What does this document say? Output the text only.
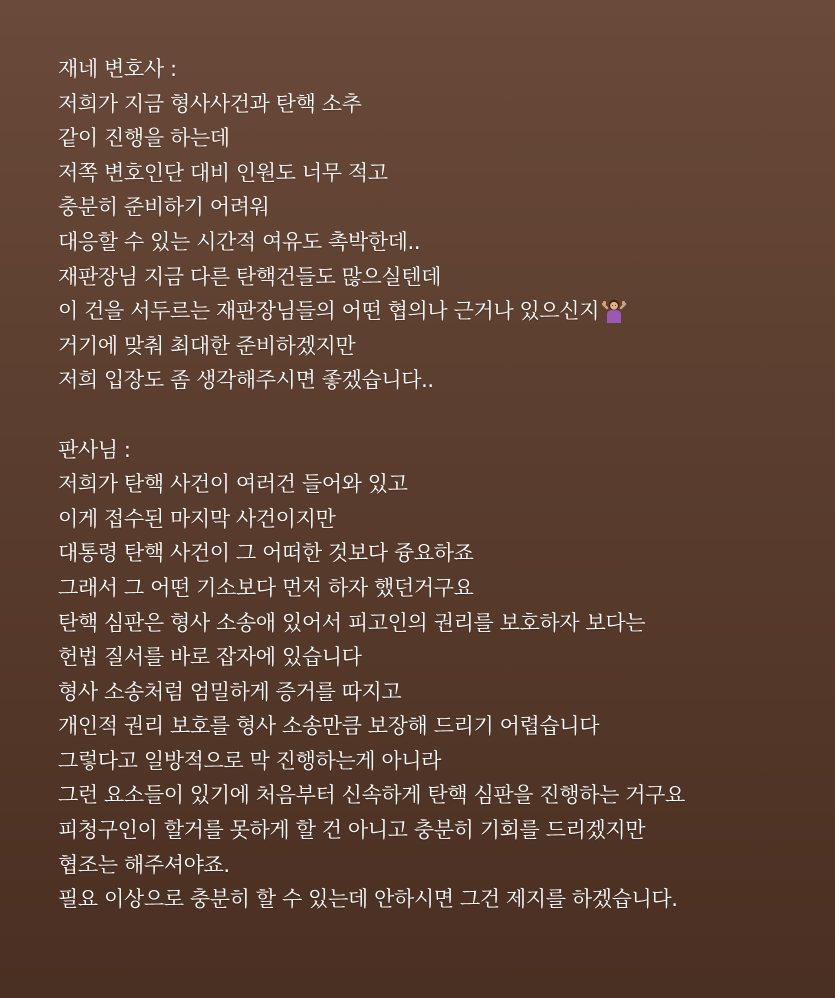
재네 변호사 :
저희가 지금 형사사건과 탄핵 소추
같이 진행을 하는데
저쪽 변호인단 대비 인원도 너무 적고
충분히 준비하기 어려워
대응할 수 있는 시간적 여유도 촉박한데..
재판장님 지금 다른 탄핵건들도 많으실텐데
이 건을 서두르는 재판장님들의 어떤 협의나 근거나 있으신지
거기에 맞춰 최대한 준비하겠지만
저희 입장도 좀 생각해주시면 좋겠습니다..
판사님 :
저희가 탄핵 사건이 여러건 들어와 있고
이게 접수된 마지막 사건이지만
대통령 탄핵 사건이 그 어떠한 것보다 즁요하죠
그래서 그 어떤 기소보다 먼저 하자 했던거구요
탄핵 심판은 형사 소송애 있어서 피고인의 권리를 보호하자 보다는
헌법 질서를 바로 잡자에 있습니다
형사 소송처럼 엄밀하게 증거를 따지고
개인적 권리 보호를 형사 소송만큼 보장해 드리기 어렵습니다
그렇다고 일방적으로 막 진행하는게 아니라
그런 요소들이 있기에 처음부터 신속하게 탄핵 심판을 진행하는 거구요
피청구인이 할거를 못하게 할 건 아니고 충분히 기회를 드리겠지만
협조는 해주셔야죠.
필요 이상으로 충분히 할 수 있는데 안하시면 그건 제지를 하겠습니다.
